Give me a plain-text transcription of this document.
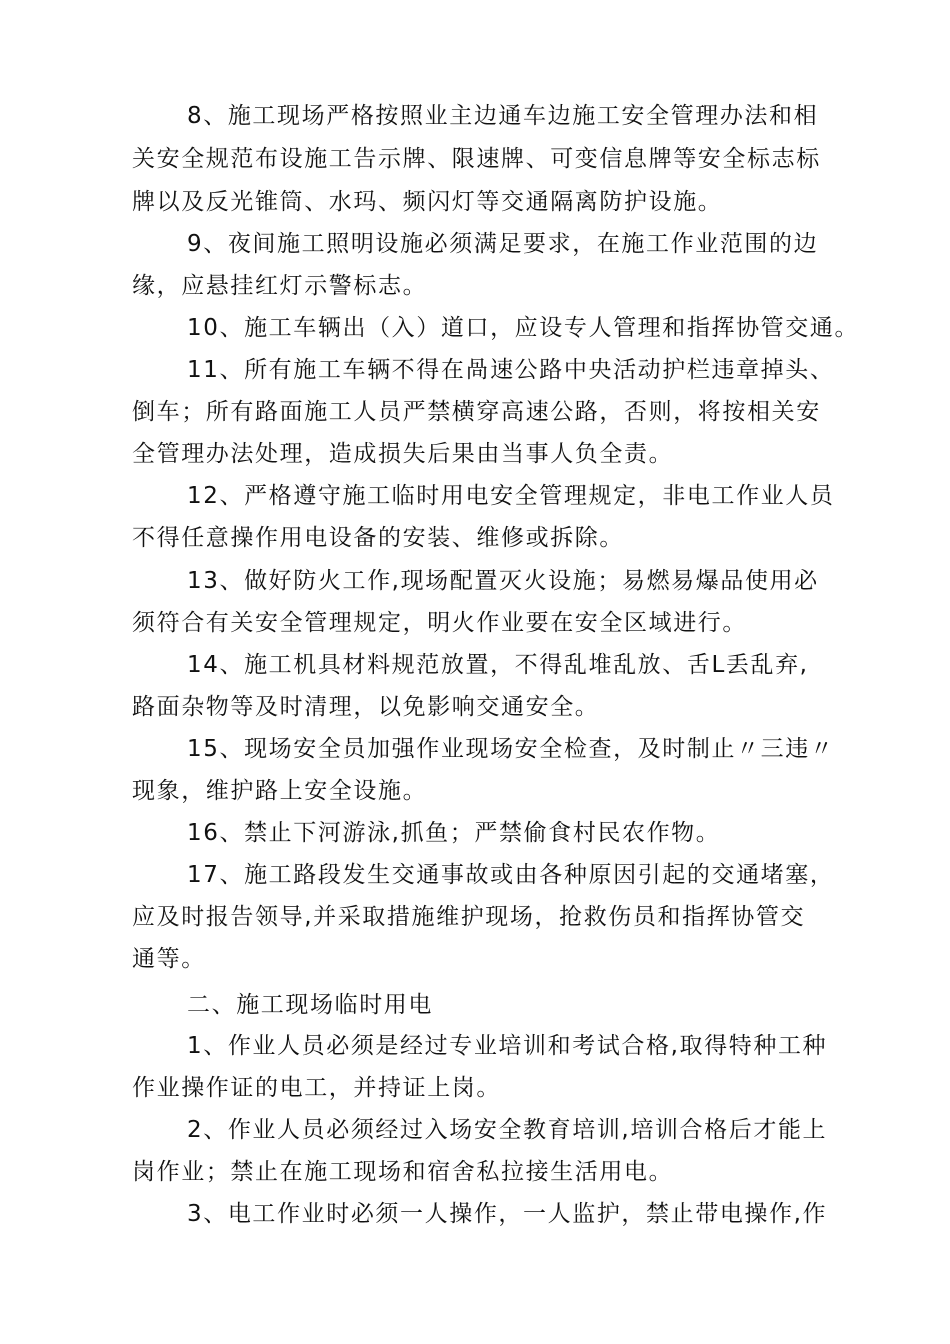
8、施工现场严格按照业主边通车边施工安全管理办法和相
关安全规范布设施工告示牌、限速牌、可变信息牌等安全标志标
牌以及反光锥筒、水玛、频闪灯等交通隔离防护设施。
9、夜间施工照明设施必须满足要求，在施工作业范围的边
缘，应悬挂红灯示警标志。
10、施工车辆出（入）道口，应设专人管理和指挥协管交通。
11、所有施工车辆不得在咼速公路中央活动护栏违章掉头、
倒车；所有路面施工人员严禁横穿高速公路，否则，将按相关安
全管理办法处理，造成损失后果由当事人负全责。
12、严格遵守施工临时用电安全管理规定，非电工作业人员
不得任意操作用电设备的安装、维修或拆除。
13、做好防火工作,现场配置灭火设施；易燃易爆品使用必
须符合有关安全管理规定，明火作业要在安全区域进行。
14、施工机具材料规范放置，不得乱堆乱放、舌L丢乱弃,
路面杂物等及时清理，以免影响交通安全。
15、现场安全员加强作业现场安全检查，及时制止〃三违〃
现象，维护路上安全设施。
16、禁止下河游泳,抓鱼；严禁偷食村民农作物。
17、施工路段发生交通事故或由各种原因引起的交通堵塞，
应及时报告领导,并采取措施维护现场，抢救伤员和指挥协管交
通等。
二、施工现场临时用电
1、作业人员必须是经过专业培训和考试合格,取得特种工种
作业操作证的电工，并持证上岗。
2、作业人员必须经过入场安全教育培训,培训合格后才能上
岗作业；禁止在施工现场和宿舍私拉接生活用电。
3、电工作业时必须一人操作，一人监护，禁止带电操作,作
